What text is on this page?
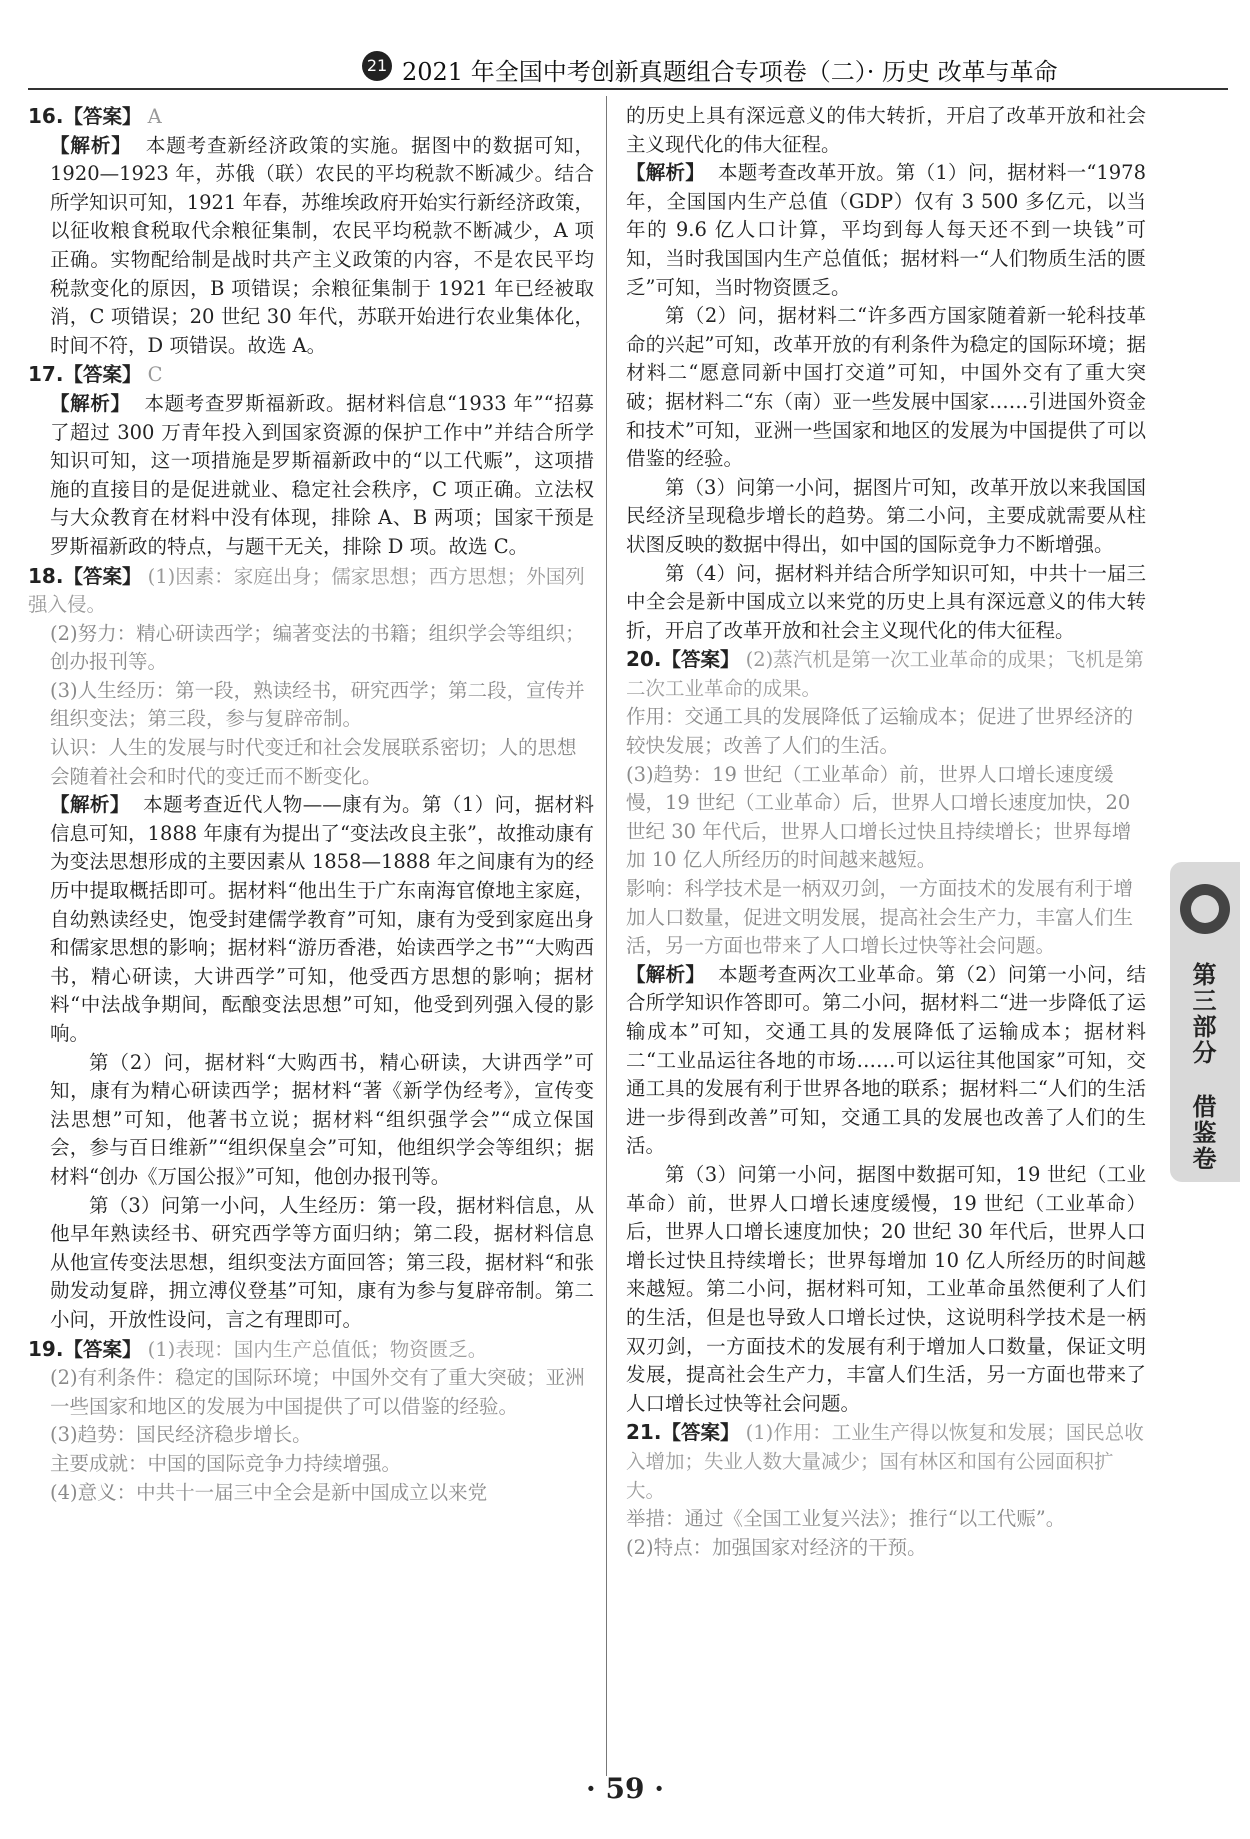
21 2021 年全国中考创新真题组合专项卷（二）· 历史 改革与革命

16.【答案】 A

【解析】 本题考查新经济政策的实施。据图中的数据可知，1920—1923 年，苏俄（联）农民的平均税款不断减少。结合所学知识可知，1921 年春，苏维埃政府开始实行新经济政策，以征收粮食税取代余粮征集制，农民平均税款不断减少，A 项正确。实物配给制是战时共产主义政策的内容，不是农民平均税款变化的原因，B 项错误；余粮征集制于 1921 年已经被取消，C 项错误；20 世纪 30 年代，苏联开始进行农业集体化，时间不符，D 项错误。故选 A。

17.【答案】 C

【解析】 本题考查罗斯福新政。据材料信息“1933 年”“招募了超过 300 万青年投入到国家资源的保护工作中”并结合所学知识可知，这一项措施是罗斯福新政中的“以工代赈”，这项措施的直接目的是促进就业、稳定社会秩序，C 项正确。立法权与大众教育在材料中没有体现，排除 A、B 两项；国家干预是罗斯福新政的特点，与题干无关，排除 D 项。故选 C。

18.【答案】 (1)因素：家庭出身；儒家思想；西方思想；外国列强入侵。

(2)努力：精心研读西学；编著变法的书籍；组织学会等组织；创办报刊等。

(3)人生经历：第一段，熟读经书，研究西学；第二段，宣传并组织变法；第三段，参与复辟帝制。

认识：人生的发展与时代变迁和社会发展联系密切；人的思想会随着社会和时代的变迁而不断变化。

【解析】 本题考查近代人物——康有为。第（1）问，据材料信息可知，1888 年康有为提出了“变法改良主张”，故推动康有为变法思想形成的主要因素从 1858—1888 年之间康有为的经历中提取概括即可。据材料“他出生于广东南海官僚地主家庭，自幼熟读经史，饱受封建儒学教育”可知，康有为受到家庭出身和儒家思想的影响；据材料“游历香港，始读西学之书”“大购西书，精心研读，大讲西学”可知，他受西方思想的影响；据材料“中法战争期间，酝酿变法思想”可知，他受到列强入侵的影响。

第（2）问，据材料“大购西书，精心研读，大讲西学”可知，康有为精心研读西学；据材料“著《新学伪经考》，宣传变法思想”可知，他著书立说；据材料“组织强学会”“成立保国会，参与百日维新”“组织保皇会”可知，他组织学会等组织；据材料“创办《万国公报》”可知，他创办报刊等。

第（3）问第一小问，人生经历：第一段，据材料信息，从他早年熟读经书、研究西学等方面归纳；第二段，据材料信息从他宣传变法思想，组织变法方面回答；第三段，据材料“和张勋发动复辟，拥立溥仪登基”可知，康有为参与复辟帝制。第二小问，开放性设问，言之有理即可。

19.【答案】 (1)表现：国内生产总值低；物资匮乏。

(2)有利条件：稳定的国际环境；中国外交有了重大突破；亚洲一些国家和地区的发展为中国提供了可以借鉴的经验。

(3)趋势：国民经济稳步增长。

主要成就：中国的国际竞争力持续增强。

(4)意义：中共十一届三中全会是新中国成立以来党

的历史上具有深远意义的伟大转折，开启了改革开放和社会主义现代化的伟大征程。

【解析】 本题考查改革开放。第（1）问，据材料一“1978 年，全国国内生产总值（GDP）仅有 3 500 多亿元，以当年的 9.6 亿人口计算，平均到每人每天还不到一块钱”可知，当时我国国内生产总值低；据材料一“人们物质生活的匮乏”可知，当时物资匮乏。

第（2）问，据材料二“许多西方国家随着新一轮科技革命的兴起”可知，改革开放的有利条件为稳定的国际环境；据材料二“愿意同新中国打交道”可知，中国外交有了重大突破；据材料二“东（南）亚一些发展中国家……引进国外资金和技术”可知，亚洲一些国家和地区的发展为中国提供了可以借鉴的经验。

第（3）问第一小问，据图片可知，改革开放以来我国国民经济呈现稳步增长的趋势。第二小问，主要成就需要从柱状图反映的数据中得出，如中国的国际竞争力不断增强。

第（4）问，据材料并结合所学知识可知，中共十一届三中全会是新中国成立以来党的历史上具有深远意义的伟大转折，开启了改革开放和社会主义现代化的伟大征程。

20.【答案】 (2)蒸汽机是第一次工业革命的成果；飞机是第二次工业革命的成果。

作用：交通工具的发展降低了运输成本；促进了世界经济的较快发展；改善了人们的生活。

(3)趋势：19 世纪（工业革命）前，世界人口增长速度缓慢，19 世纪（工业革命）后，世界人口增长速度加快，20 世纪 30 年代后，世界人口增长过快且持续增长；世界每增加 10 亿人所经历的时间越来越短。

影响：科学技术是一柄双刃剑，一方面技术的发展有利于增加人口数量，促进文明发展，提高社会生产力，丰富人们生活，另一方面也带来了人口增长过快等社会问题。

【解析】 本题考查两次工业革命。第（2）问第一小问，结合所学知识作答即可。第二小问，据材料二“进一步降低了运输成本”可知，交通工具的发展降低了运输成本；据材料二“工业品运往各地的市场……可以运往其他国家”可知，交通工具的发展有利于世界各地的联系；据材料二“人们的生活进一步得到改善”可知，交通工具的发展也改善了人们的生活。

第（3）问第一小问，据图中数据可知，19 世纪（工业革命）前，世界人口增长速度缓慢，19 世纪（工业革命）后，世界人口增长速度加快；20 世纪 30 年代后，世界人口增长过快且持续增长；世界每增加 10 亿人所经历的时间越来越短。第二小问，据材料可知，工业革命虽然便利了人们的生活，但是也导致人口增长过快，这说明科学技术是一柄双刃剑，一方面技术的发展有利于增加人口数量，保证文明发展，提高社会生产力，丰富人们生活，另一方面也带来了人口增长过快等社会问题。

21.【答案】 (1)作用：工业生产得以恢复和发展；国民总收入增加；失业人数大量减少；国有林区和国有公园面积扩大。

举措：通过《全国工业复兴法》；推行“以工代赈”。

(2)特点：加强国家对经济的干预。

第三部分
借鉴卷
· 59 ·
